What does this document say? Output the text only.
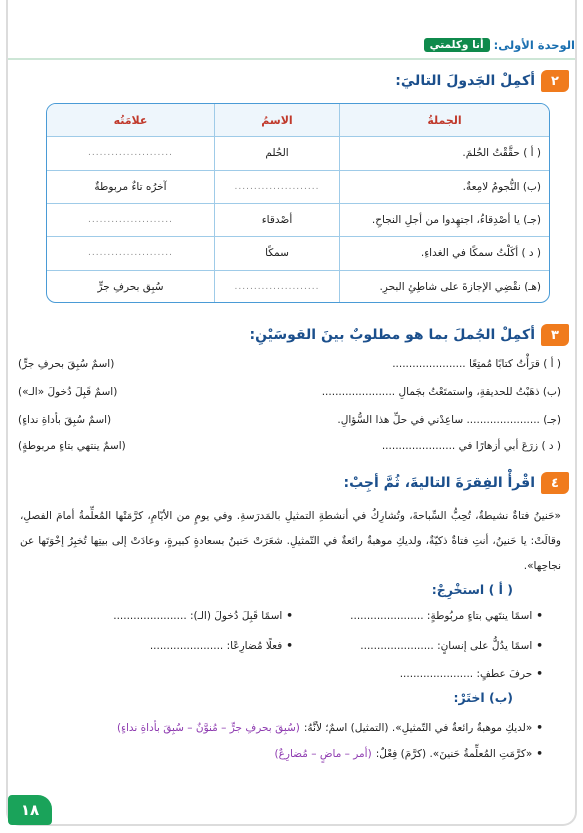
الوحدة الأولى:
أنا وكلمتي
٢
أكمِلْ الجَدولَ التاليَ:
الجملةُ
الاسمُ
علامَتُه
( أ ) حقَّقْتُ الحُلمَ.
الحُلم
......................
(ب) النُّجومُ لامِعةٌ.
......................
آخرُه تاءٌ مربوطةٌ
(جـ) يا أصْدِقاءُ، اجتهِدوا من أجلِ النجاحِ.
أصْدقاء
......................
( د ) أكَلْتُ سمكًا في الغداءِ.
سمكًا
......................
(هـ) نقْضِي الإجازةَ على شاطِئِ البحرِ.
......................
سُبِق بحرفِ جرٍّ
٣
أكمِلْ الجُملَ بما هو مطلوبٌ بينَ القوسَيْنِ:
( أ ) قرَأْتُ كتابًا مُمتِعًا ......................
(اسمٌ سُبِقَ بحرفِ جرٍّ)
(ب) ذهَبْتُ للحديقةِ، واستمتَعْتُ بجَمالِ ......................
(اسمٌ قَبِلَ دُخولَ «الـ»)
(جـ) ...................... ساعِدْني في حلِّ هذا السُّؤالِ.
(اسمٌ سُبِقَ بأداةِ نداءٍ)
( د ) زرَعَ أبي أزهارًا في ......................
(اسمٌ ينتهي بتاءٍ مربوطةٍ)
٤
اقْرأْ الفِقرَةَ التاليةَ، ثُمَّ أجِبْ:
«حَنينُ فتاةٌ نشيطةٌ، تُحِبُّ السِّباحةَ، وتُشارِكُ في أنشطةِ التمثيلِ بالمَدرَسةِ. وفي يومٍ من الأيّامِ، كرَّمَتْها المُعلِّمةُ أمامَ الفصلِ، وقالَتْ: يا حَنينُ، أنتِ فتاةٌ ذكيّةٌ، ولديكِ موهبةٌ رائعةٌ في التّمثيلِ. شعَرَتْ حَنينُ بسعادةٍ كبيرةٍ، وعادَتْ إلى بيتِها تُخبِرُ إخْوَتَها عن نجاحِها».
( أ ) استخْرِجْ:
•
اسمًا ينتَهي بتاءٍ مربُوطةٍ: ......................
•
اسمًا قَبِلَ دُخولَ (الـ): ......................
•
اسمًا يدُلُّ على إنسانٍ: ......................
•
فعلًا مُضارِعًا: ......................
•
حرفَ عطفٍ: ......................
(ب) اختَرْ:
•
«لديكِ موهبةٌ رائعةٌ في التّمثيلِ». (التمثيل) اسمٌ؛ لأنَّهُ:
(سُبِقَ بحرفِ جرٍّ – مُنوَّنٌ – سُبِقَ بأداةِ نداءٍ)
•
«كرَّمَتِ المُعلِّمةُ حَنينَ». (كرَّمَ) فِعْلٌ:
(أمر – ماضٍ – مُضارِعٌ)
١٨
